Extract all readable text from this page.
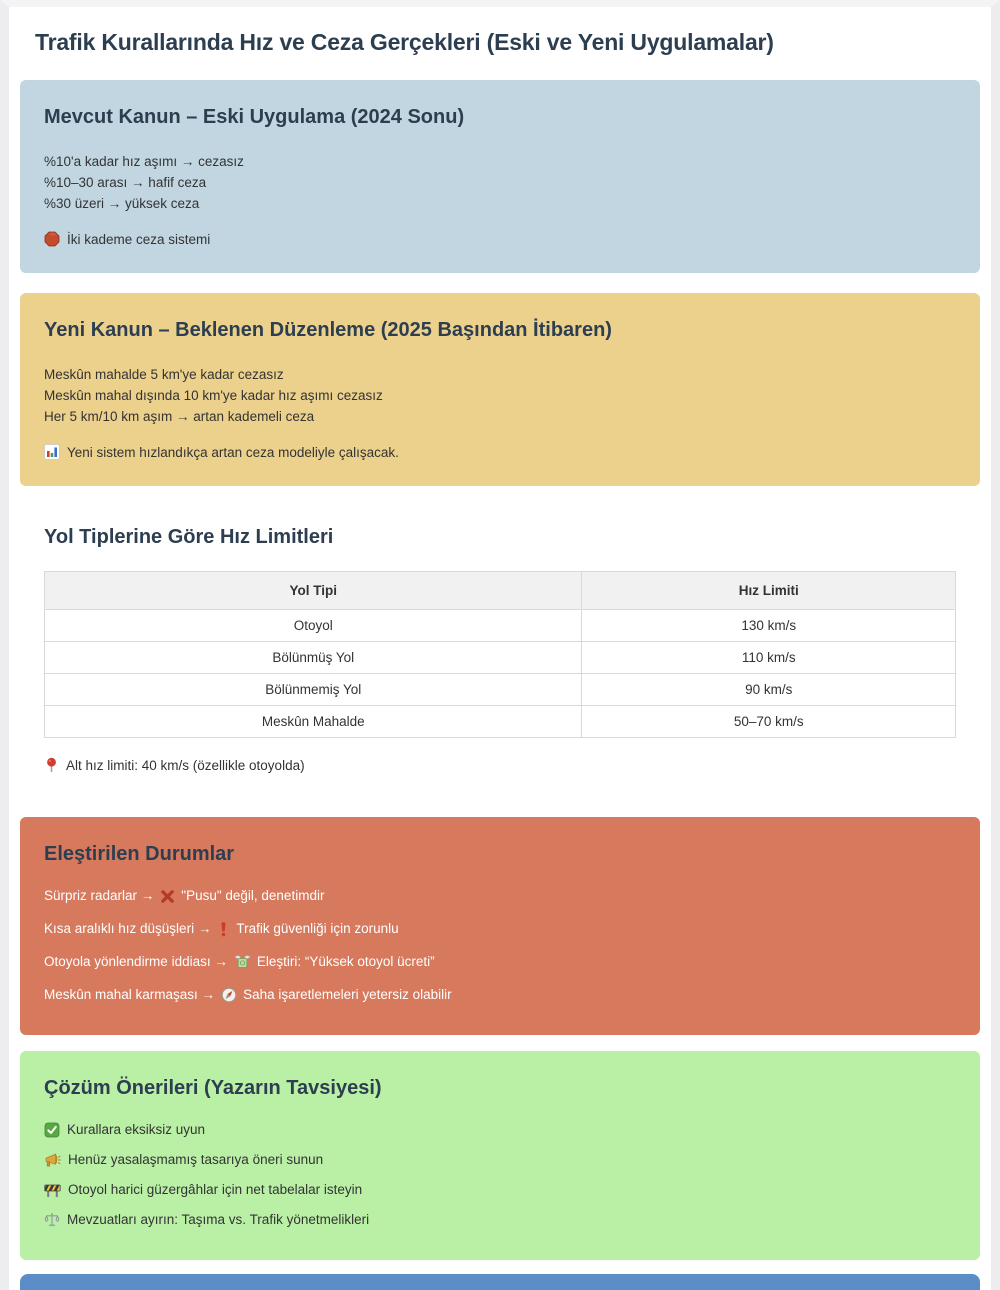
Trafik Kurallarında Hız ve Ceza Gerçekleri (Eski ve Yeni Uygulamalar)
Mevcut Kanun – Eski Uygulama (2024 Sonu)

%10'a kadar hız aşımı → cezasız

%10–30 arası → hafif ceza

%30 üzeri → yüksek ceza

İki kademe ceza sistemi
Yeni Kanun – Beklenen Düzenleme (2025 Başından İtibaren)

Meskûn mahalde 5 km'ye kadar cezasız

Meskûn mahal dışında 10 km'ye kadar hız aşımı cezasız

Her 5 km/10 km aşım → artan kademeli ceza

Yeni sistem hızlandıkça artan ceza modeliyle çalışacak.
Yol Tiplerine Göre Hız Limitleri
Yol Tipi	Hız Limiti
Otoyol	130 km/s
Bölünmüş Yol	110 km/s
Bölünmemiş Yol	90 km/s
Meskûn Mahalde	50–70 km/s
Alt hız limiti: 40 km/s (özellikle otoyolda)
Eleştirilen Durumlar
Sürpriz radarlar → "Pusu" değil, denetimdir
Kısa aralıklı hız düşüşleri → Trafik güvenliği için zorunlu
Otoyola yönlendirme iddiası → Eleştiri: “Yüksek otoyol ücreti”
Meskûn mahal karmaşası → Saha işaretlemeleri yetersiz olabilir
Çözüm Önerileri (Yazarın Tavsiyesi)
Kurallara eksiksiz uyun
Henüz yasalaşmamış tasarıya öneri sunun
Otoyol harici güzergâhlar için net tabelalar isteyin
Mevzuatları ayırın: Taşıma vs. Trafik yönetmelikleri
